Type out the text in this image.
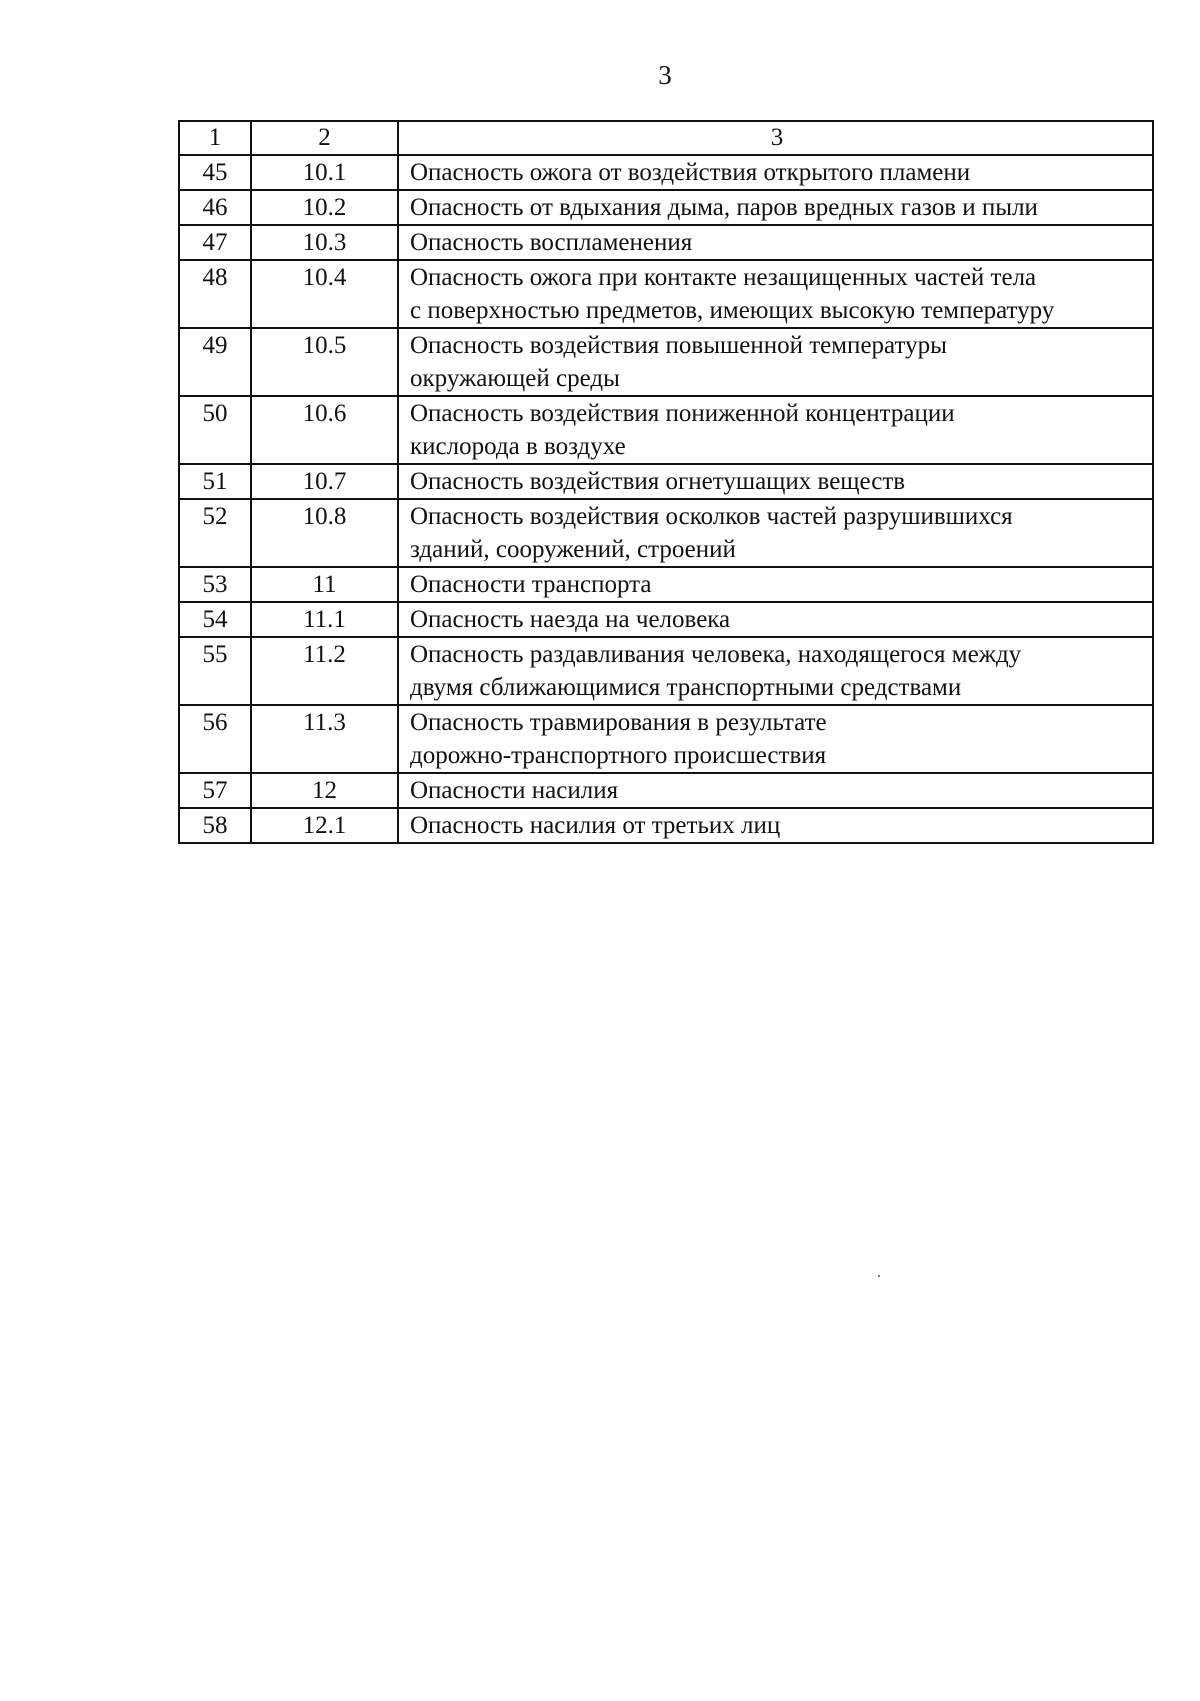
3
1	2	3
45	10.1	Опасность ожога от воздействия открытого пламени

46	10.2	Опасность от вдыхания дыма, паров вредных газов и пыли

47	10.3	Опасность воспламенения

48	10.4	Опасность ожога при контакте незащищенных частей тела
с поверхностью предметов, имеющих высокую температуру

49	10.5	Опасность воздействия повышенной температуры
окружающей среды

50	10.6	Опасность воздействия пониженной концентрации
кислорода в воздухе

51	10.7	Опасность воздействия огнетушащих веществ

52	10.8	Опасность воздействия осколков частей разрушившихся
зданий, сооружений, строений

53	11	Опасности транспорта

54	11.1	Опасность наезда на человека

55	11.2	Опасность раздавливания человека, находящегося между
двумя сближающимися транспортными средствами

56	11.3	Опасность травмирования в результате
дорожно-транспортного происшествия

57	12	Опасности насилия

58	12.1	Опасность насилия от третьих лиц
